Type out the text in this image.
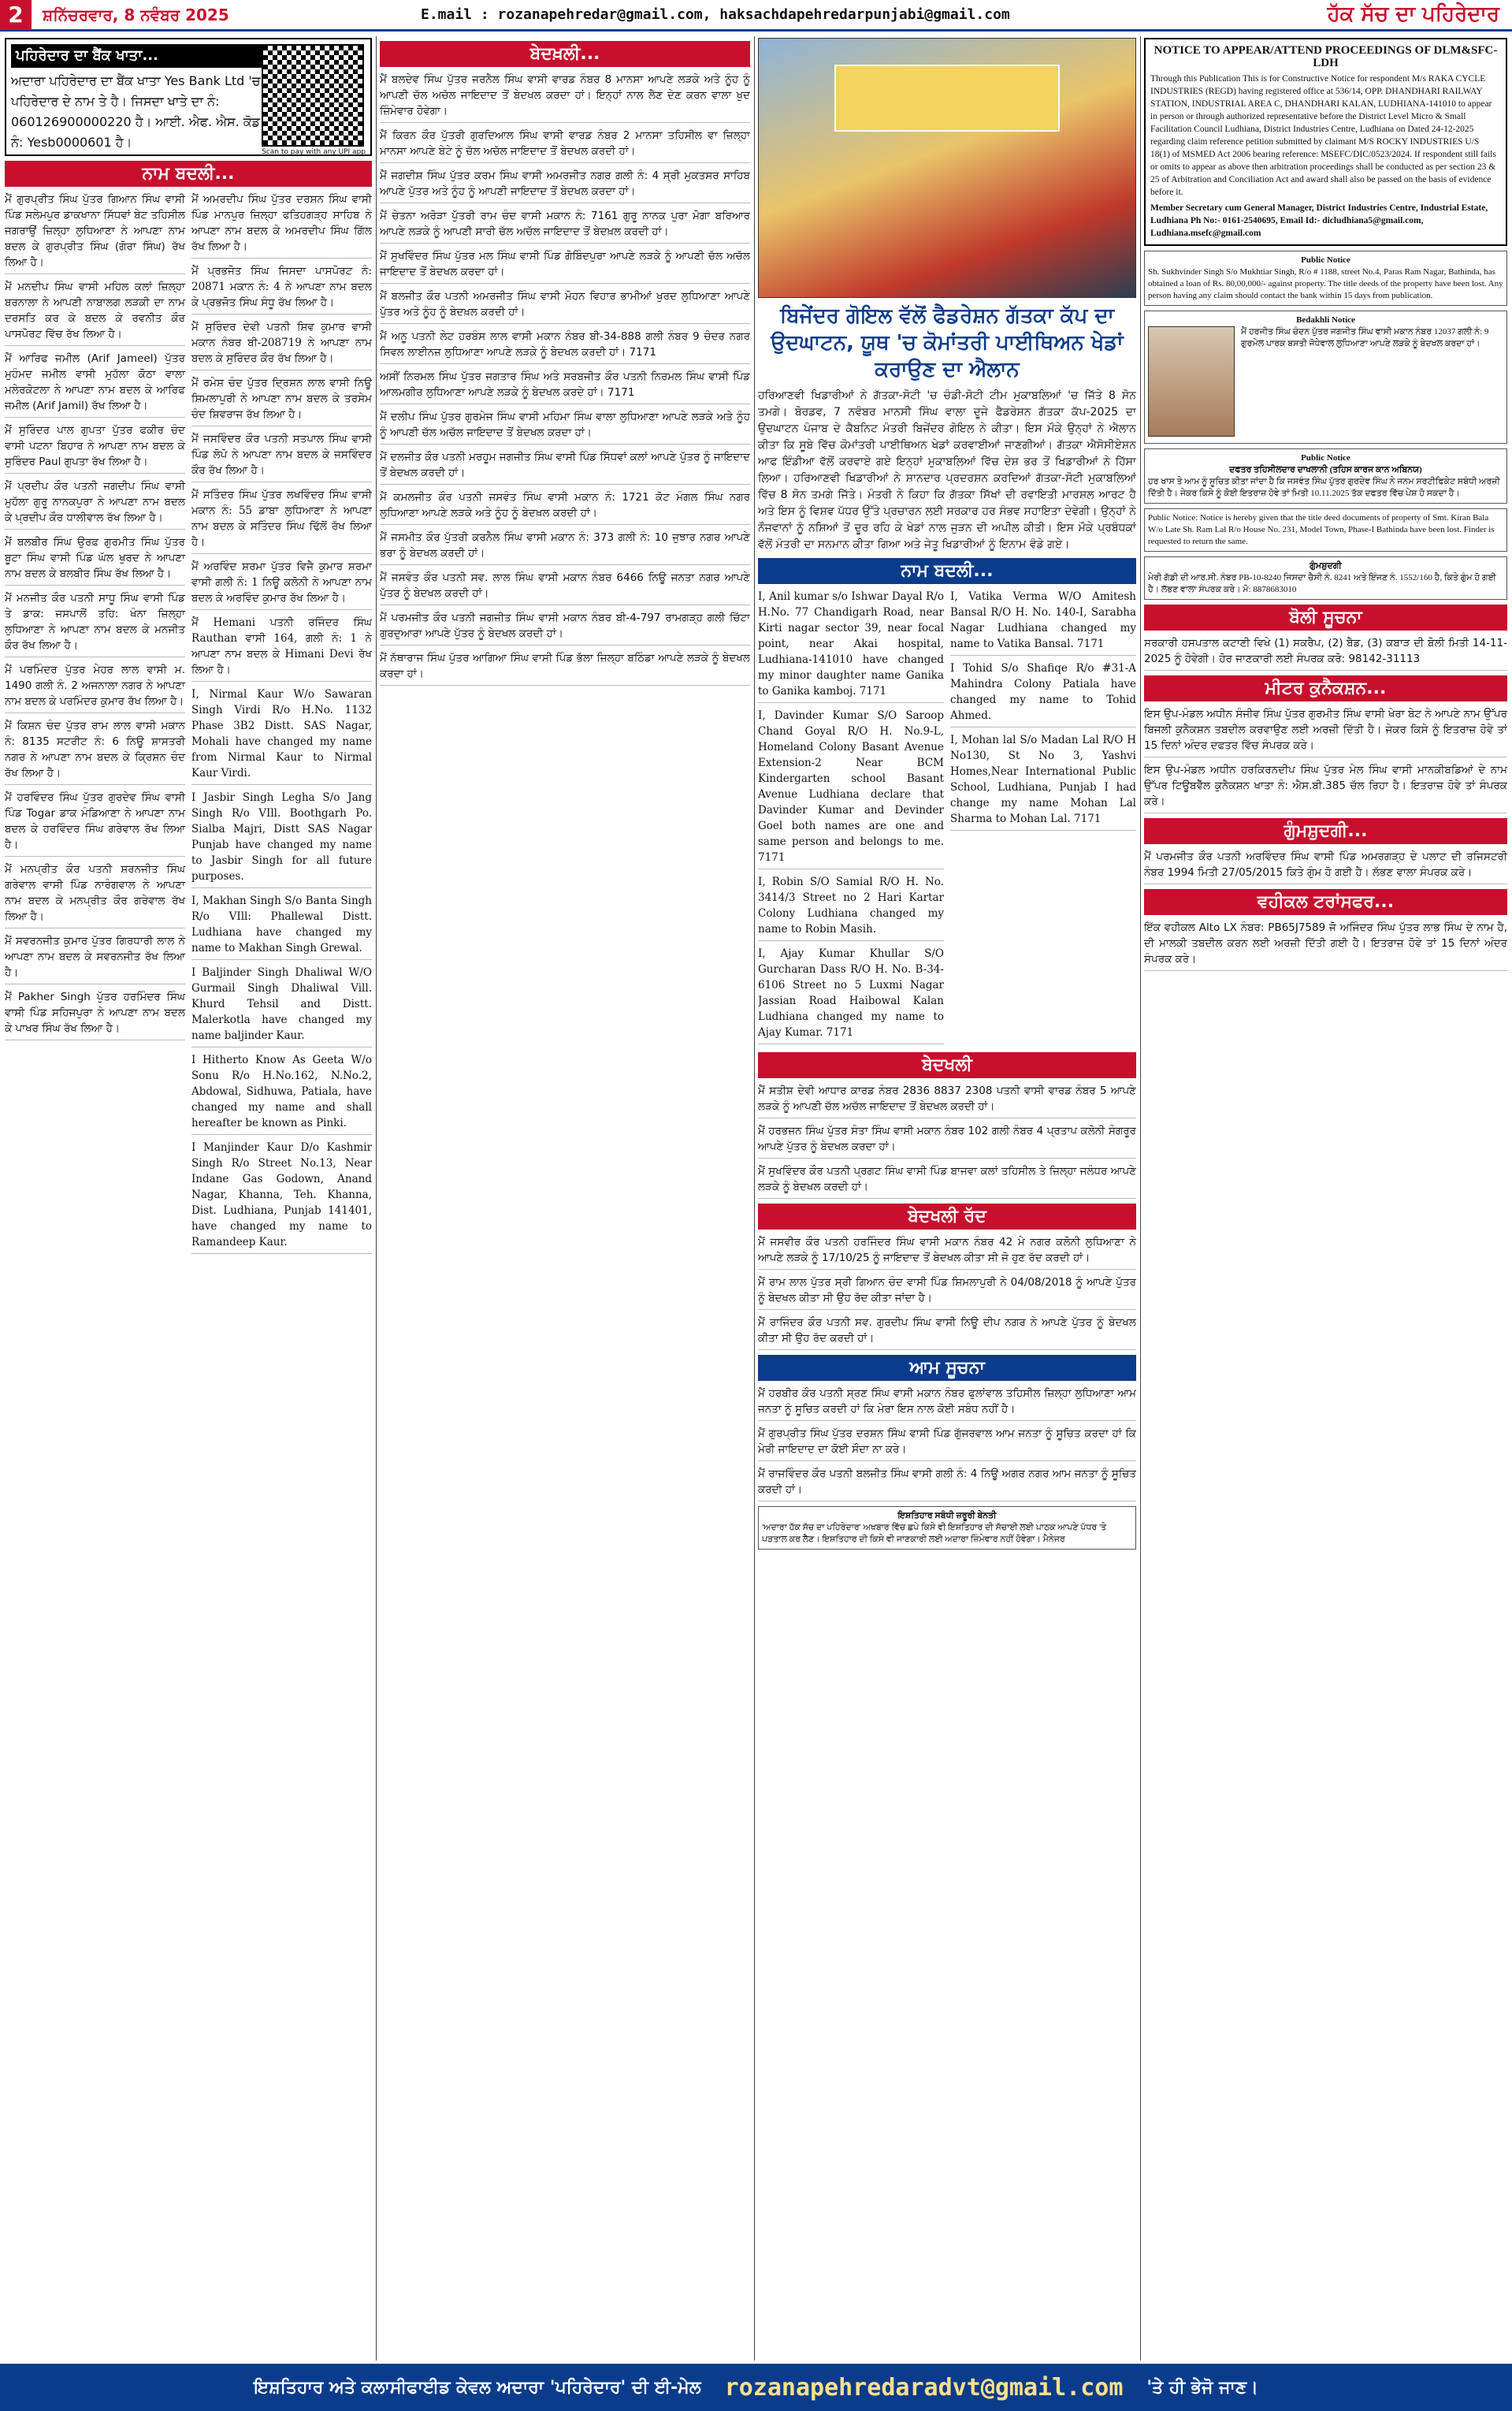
2	ਸ਼ਨਿੱਚਰਵਾਰ, 8 ਨਵੰਬਰ 2025	E.mail : rozanapehredar@gmail.com, haksachdapehredarpunjabi@gmail.com	ਹੱਕ ਸੱਚ ਦਾ ਪਹਿਰੇਦਾਰ
ਪਹਿਰੇਦਾਰ ਦਾ ਬੈਂਕ ਖਾਤਾ...
ਅਦਾਰਾ ਪਹਿਰੇਦਾਰ ਦਾ ਬੈਂਕ ਖਾਤਾ Yes Bank Ltd 'ਚ ਪਹਿਰੇਦਾਰ ਦੇ ਨਾਮ ਤੇ ਹੈ। ਜਿਸਦਾ ਖਾਤੇ ਦਾ ਨੰ: 060126900000220 ਹੈ। ਆਈ. ਐਫ. ਐਸ. ਕੋਡ ਨੰ: Yesb0000601 ਹੈ।
Scan to pay with any UPI app
ਨਾਮ ਬਦਲੀ...
ਮੈਂ ਗੁਰਪ੍ਰੀਤ ਸਿੰਘ ਪੁੱਤਰ ਗਿਆਨ ਸਿੰਘ ਵਾਸੀ ਪਿੰਡ ਸਲੇਮਪੁਰ ਡਾਕਖਾਨਾ ਸਿੱਧਵਾਂ ਬੇਟ ਤਹਿਸੀਲ ਜਗਰਾਉਂ ਜ਼ਿਲ੍ਹਾ ਲੁਧਿਆਣਾ ਨੇ ਆਪਣਾ ਨਾਮ ਬਦਲ ਕੇ ਗੁਰਪ੍ਰੀਤ ਸਿੰਘ (ਗੋਰਾ ਸਿੰਘ) ਰੱਖ ਲਿਆ ਹੈ।
ਮੈਂ ਮਨਦੀਪ ਸਿੰਘ ਵਾਸੀ ਮਹਿਲ ਕਲਾਂ ਜ਼ਿਲ੍ਹਾ ਬਰਨਾਲਾ ਨੇ ਆਪਣੀ ਨਾਬਾਲਗ ਲੜਕੀ ਦਾ ਨਾਮ ਦਰਸਤਿ ਕਰ ਕੇ ਬਦਲ ਕੇ ਰਵਨੀਤ ਕੌਰ ਪਾਸਪੋਰਟ ਵਿੱਚ ਰੱਖ ਲਿਆ ਹੈ।
ਮੈਂ ਆਰਿਫ ਜਮੀਲ (Arif Jameel) ਪੁੱਤਰ ਮੁਹੰਮਦ ਜਮੀਲ ਵਾਸੀ ਮੁਹੱਲਾ ਕੋਠਾ ਵਾਲਾ ਮਲੇਰਕੋਟਲਾ ਨੇ ਆਪਣਾ ਨਾਮ ਬਦਲ ਕੇ ਆਰਿਫ ਜਮੀਲ (Arif Jamil) ਰੱਖ ਲਿਆ ਹੈ।
ਮੈਂ ਸੁਰਿੰਦਰ ਪਾਲ ਗੁਪਤਾ ਪੁੱਤਰ ਫਕੀਰ ਚੰਦ ਵਾਸੀ ਪਟਨਾ ਬਿਹਾਰ ਨੇ ਆਪਣਾ ਨਾਮ ਬਦਲ ਕੇ ਸੁਰਿੰਦਰ Paul ਗੁਪਤਾ ਰੱਖ ਲਿਆ ਹੈ।
ਮੈਂ ਪ੍ਰਦੀਪ ਕੌਰ ਪਤਨੀ ਜਗਦੀਪ ਸਿੰਘ ਵਾਸੀ ਮੁਹੱਲਾ ਗੁਰੂ ਨਾਨਕਪੁਰਾ ਨੇ ਆਪਣਾ ਨਾਮ ਬਦਲ ਕੇ ਪ੍ਰਦੀਪ ਕੌਰ ਧਾਲੀਵਾਲ ਰੱਖ ਲਿਆ ਹੈ।
ਮੈਂ ਬਲਬੀਰ ਸਿੰਘ ਉਰਫ਼ ਗੁਰਮੀਤ ਸਿੰਘ ਪੁੱਤਰ ਬੂਟਾ ਸਿੰਘ ਵਾਸੀ ਪਿੰਡ ਘੱਲ ਖੁਰਦ ਨੇ ਆਪਣਾ ਨਾਮ ਬਦਲ ਕੇ ਬਲਬੀਰ ਸਿੰਘ ਰੱਖ ਲਿਆ ਹੈ।
ਮੈਂ ਮਨਜੀਤ ਕੌਰ ਪਤਨੀ ਸਾਧੂ ਸਿੰਘ ਵਾਸੀ ਪਿੰਡ ਤੇ ਡਾਕ: ਜਸਪਾਲੋਂ ਤਹਿ: ਖੰਨਾ ਜ਼ਿਲ੍ਹਾ ਲੁਧਿਆਣਾ ਨੇ ਆਪਣਾ ਨਾਮ ਬਦਲ ਕੇ ਮਨਜੀਤ ਕੌਰ ਰੱਖ ਲਿਆ ਹੈ।
ਮੈਂ ਪਰਮਿੰਦਰ ਪੁੱਤਰ ਮੇਹਰ ਲਾਲ ਵਾਸੀ ਮ. 1490 ਗਲੀ ਨੰ. 2 ਅਜਨਾਲਾ ਨਗਰ ਨੇ ਆਪਣਾ ਨਾਮ ਬਦਲ ਕੇ ਪਰਮਿੰਦਰ ਕੁਮਾਰ ਰੱਖ ਲਿਆ ਹੈ।
ਮੈਂ ਕਿਸ਼ਨ ਚੰਦ ਪੁੱਤਰ ਰਾਮ ਲਾਲ ਵਾਸੀ ਮਕਾਨ ਨੰ: 8135 ਸਟਰੀਟ ਨੰ: 6 ਨਿਊ ਸ਼ਾਸਤਰੀ ਨਗਰ ਨੇ ਆਪਣਾ ਨਾਮ ਬਦਲ ਕੇ ਕ੍ਰਿਸ਼ਨ ਚੰਦ ਰੱਖ ਲਿਆ ਹੈ।
ਮੈਂ ਹਰਵਿੰਦਰ ਸਿੰਘ ਪੁੱਤਰ ਗੁਰਦੇਵ ਸਿੰਘ ਵਾਸੀ ਪਿੰਡ Togar ਡਾਕ ਮੰਡਿਆਣਾ ਨੇ ਆਪਣਾ ਨਾਮ ਬਦਲ ਕੇ ਹਰਵਿੰਦਰ ਸਿੰਘ ਗਰੇਵਾਲ ਰੱਖ ਲਿਆ ਹੈ।
ਮੈਂ ਮਨਪ੍ਰੀਤ ਕੌਰ ਪਤਨੀ ਸ਼ਰਨਜੀਤ ਸਿੰਘ ਗਰੇਵਾਲ ਵਾਸੀ ਪਿੰਡ ਨਾਰੰਗਵਾਲ ਨੇ ਆਪਣਾ ਨਾਮ ਬਦਲ ਕੇ ਮਨਪ੍ਰੀਤ ਕੌਰ ਗਰੇਵਾਲ ਰੱਖ ਲਿਆ ਹੈ।
ਮੈਂ ਸਵਰਨਜੀਤ ਕੁਮਾਰ ਪੁੱਤਰ ਗਿਰਧਾਰੀ ਲਾਲ ਨੇ ਆਪਣਾ ਨਾਮ ਬਦਲ ਕੇ ਸਵਰਨਜੀਤ ਰੱਖ ਲਿਆ ਹੈ।
ਮੈਂ Pakher Singh ਪੁੱਤਰ ਹਰਮਿੰਦਰ ਸਿੰਘ ਵਾਸੀ ਪਿੰਡ ਸਹਿਜਪੁਰਾ ਨੇ ਆਪਣਾ ਨਾਮ ਬਦਲ ਕੇ ਪਾਖਰ ਸਿੰਘ ਰੱਖ ਲਿਆ ਹੈ।
ਮੈਂ ਅਮਰਦੀਪ ਸਿੰਘ ਪੁੱਤਰ ਦਰਸ਼ਨ ਸਿੰਘ ਵਾਸੀ ਪਿੰਡ ਮਾਨਪੁਰ ਜ਼ਿਲ੍ਹਾ ਫਤਿਹਗੜ੍ਹ ਸਾਹਿਬ ਨੇ ਆਪਣਾ ਨਾਮ ਬਦਲ ਕੇ ਅਮਰਦੀਪ ਸਿੰਘ ਗਿੱਲ ਰੱਖ ਲਿਆ ਹੈ।
ਮੈਂ ਪ੍ਰਭਜੋਤ ਸਿੰਘ ਜਿਸਦਾ ਪਾਸਪੋਰਟ ਨੰ: 20871 ਮਕਾਨ ਨੰ: 4 ਨੇ ਆਪਣਾ ਨਾਮ ਬਦਲ ਕੇ ਪ੍ਰਭਜੋਤ ਸਿੰਘ ਸੰਧੂ ਰੱਖ ਲਿਆ ਹੈ।
ਮੈਂ ਸੁਰਿੰਦਰ ਦੇਵੀ ਪਤਨੀ ਸ਼ਿਵ ਕੁਮਾਰ ਵਾਸੀ ਮਕਾਨ ਨੰਬਰ ਬੀ-208719 ਨੇ ਆਪਣਾ ਨਾਮ ਬਦਲ ਕੇ ਸੁਰਿੰਦਰ ਕੌਰ ਰੱਖ ਲਿਆ ਹੈ।
ਮੈਂ ਰਮੇਸ਼ ਚੰਦ ਪੁੱਤਰ ਦ੍ਰਿਸ਼ਨ ਲਾਲ ਵਾਸੀ ਨਿਊ ਸ਼ਿਮਲਾਪੁਰੀ ਨੇ ਆਪਣਾ ਨਾਮ ਬਦਲ ਕੇ ਤਰਸੇਮ ਚੰਦ ਸ਼ਿਵਰਾਜ ਰੱਖ ਲਿਆ ਹੈ।
ਮੈਂ ਜਸਵਿੰਦਰ ਕੌਰ ਪਤਨੀ ਸਤਪਾਲ ਸਿੰਘ ਵਾਸੀ ਪਿੰਡ ਲੋਪੋ ਨੇ ਆਪਣਾ ਨਾਮ ਬਦਲ ਕੇ ਜਸਵਿੰਦਰ ਕੌਰ ਰੱਖ ਲਿਆ ਹੈ।
ਮੈਂ ਸਤਿੰਦਰ ਸਿੰਘ ਪੁੱਤਰ ਲਖਵਿੰਦਰ ਸਿੰਘ ਵਾਸੀ ਮਕਾਨ ਨੰ: 55 ਡਾਬਾ ਲੁਧਿਆਣਾ ਨੇ ਆਪਣਾ ਨਾਮ ਬਦਲ ਕੇ ਸਤਿੰਦਰ ਸਿੰਘ ਢਿੱਲੋਂ ਰੱਖ ਲਿਆ ਹੈ।
ਮੈਂ ਅਰਵਿੰਦ ਸ਼ਰਮਾ ਪੁੱਤਰ ਵਿਜੈ ਕੁਮਾਰ ਸ਼ਰਮਾ ਵਾਸੀ ਗਲੀ ਨੰ: 1 ਨਿਊ ਕਲੋਨੀ ਨੇ ਆਪਣਾ ਨਾਮ ਬਦਲ ਕੇ ਅਰਵਿੰਦ ਕੁਮਾਰ ਰੱਖ ਲਿਆ ਹੈ।
ਮੈਂ Hemani ਪਤਨੀ ਰਜਿੰਦਰ ਸਿੰਘ Rauthan ਵਾਸੀ 164, ਗਲੀ ਨੰ: 1 ਨੇ ਆਪਣਾ ਨਾਮ ਬਦਲ ਕੇ Himani Devi ਰੱਖ ਲਿਆ ਹੈ।
I, Nirmal Kaur W/o Sawaran Singh Virdi R/o H.No. 1132 Phase 3B2 Distt. SAS Nagar, Mohali have changed my name from Nirmal Kaur to Nirmal Kaur Virdi.
I Jasbir Singh Legha S/o Jang Singh R/o VIll. Boothgarh Po. Sialba Majri, Distt SAS Nagar Punjab have changed my name to Jasbir Singh for all future purposes.
I, Makhan Singh S/o Banta Singh R/o VIll: Phallewal Distt. Ludhiana have changed my name to Makhan Singh Grewal.
I Baljinder Singh Dhaliwal W/O Gurmail Singh Dhaliwal Vill. Khurd Tehsil and Distt. Malerkotla have changed my name baljinder Kaur.
I Hitherto Know As Geeta W/o Sonu R/o H.No.162, N.No.2, Abdowal, Sidhuwa, Patiala, have changed my name and shall hereafter be known as Pinki.
I Manjinder Kaur D/o Kashmir Singh R/o Street No.13, Near Indane Gas Godown, Anand Nagar, Khanna, Teh. Khanna, Dist. Ludhiana, Punjab 141401, have changed my name to Ramandeep Kaur.
ਬੇਦਖ਼ਲੀ...
ਮੈਂ ਬਲਦੇਵ ਸਿੰਘ ਪੁੱਤਰ ਜਰਨੈਲ ਸਿੰਘ ਵਾਸੀ ਵਾਰਡ ਨੰਬਰ 8 ਮਾਨਸਾ ਆਪਣੇ ਲੜਕੇ ਅਤੇ ਨੂੰਹ ਨੂੰ ਆਪਣੀ ਚੱਲ ਅਚੱਲ ਜਾਇਦਾਦ ਤੋਂ ਬੇਦਖਲ ਕਰਦਾ ਹਾਂ। ਇਨ੍ਹਾਂ ਨਾਲ ਲੈਣ ਦੇਣ ਕਰਨ ਵਾਲਾ ਖੁਦ ਜ਼ਿੰਮੇਵਾਰ ਹੋਵੇਗਾ।
ਮੈਂ ਕਿਰਨ ਕੌਰ ਪੁੱਤਰੀ ਗੁਰਦਿਆਲ ਸਿੰਘ ਵਾਸੀ ਵਾਰਡ ਨੰਬਰ 2 ਮਾਨਸਾ ਤਹਿਸੀਲ ਵਾ ਜ਼ਿਲ੍ਹਾ ਮਾਨਸਾ ਆਪਣੇ ਬੇਟੇ ਨੂੰ ਚੱਲ ਅਚੱਲ ਜਾਇਦਾਦ ਤੋਂ ਬੇਦਖਲ ਕਰਦੀ ਹਾਂ।
ਮੈਂ ਜਗਦੀਸ਼ ਸਿੰਘ ਪੁੱਤਰ ਕਰਮ ਸਿੰਘ ਵਾਸੀ ਅਮਰਜੀਤ ਨਗਰ ਗਲੀ ਨੰ: 4 ਸ੍ਰੀ ਮੁਕਤਸਰ ਸਾਹਿਬ ਆਪਣੇ ਪੁੱਤਰ ਅਤੇ ਨੂੰਹ ਨੂੰ ਆਪਣੀ ਜਾਇਦਾਦ ਤੋਂ ਬੇਦਖਲ ਕਰਦਾ ਹਾਂ।
ਮੈਂ ਚੇਤਨਾ ਅਰੋੜਾ ਪੁੱਤਰੀ ਰਾਮ ਚੰਦ ਵਾਸੀ ਮਕਾਨ ਨੰ: 7161 ਗੁਰੂ ਨਾਨਕ ਪੁਰਾ ਮੋਗਾ ਬਰਿਆਰ ਆਪਣੇ ਲੜਕੇ ਨੂੰ ਆਪਣੀ ਸਾਰੀ ਚੱਲ ਅਚੱਲ ਜਾਇਦਾਦ ਤੋਂ ਬੇਦਖ਼ਲ ਕਰਦੀ ਹਾਂ।
ਮੈਂ ਸੁਖਵਿੰਦਰ ਸਿੰਘ ਪੁੱਤਰ ਮਲ ਸਿੰਘ ਵਾਸੀ ਪਿੰਡ ਗੋਬਿੰਦਪੁਰਾ ਆਪਣੇ ਲੜਕੇ ਨੂੰ ਆਪਣੀ ਚੱਲ ਅਚੱਲ ਜਾਇਦਾਦ ਤੋਂ ਬੇਦਖਲ ਕਰਦਾ ਹਾਂ।
ਮੈਂ ਬਲਜੀਤ ਕੌਰ ਪਤਨੀ ਅਮਰਜੀਤ ਸਿੰਘ ਵਾਸੀ ਮੋਹਨ ਵਿਹਾਰ ਭਾਮੀਆਂ ਖੁਰਦ ਲੁਧਿਆਣਾ ਆਪਣੇ ਪੁੱਤਰ ਅਤੇ ਨੂੰਹ ਨੂੰ ਬੇਦਖ਼ਲ ਕਰਦੀ ਹਾਂ।
ਮੈਂ ਅਨੂ ਪਤਨੀ ਲੇਟ ਹਰਬੰਸ ਲਾਲ ਵਾਸੀ ਮਕਾਨ ਨੰਬਰ ਬੀ-34-888 ਗਲੀ ਨੰਬਰ 9 ਚੰਦਰ ਨਗਰ ਸਿਵਲ ਲਾਈਨਜ਼ ਲੁਧਿਆਣਾ ਆਪਣੇ ਲੜਕੇ ਨੂੰ ਬੇਦਖਲ ਕਰਦੀ ਹਾਂ। 7171
ਅਸੀਂ ਨਿਰਮਲ ਸਿੰਘ ਪੁੱਤਰ ਜਗਤਾਰ ਸਿੰਘ ਅਤੇ ਸਰਬਜੀਤ ਕੌਰ ਪਤਨੀ ਨਿਰਮਲ ਸਿੰਘ ਵਾਸੀ ਪਿੰਡ ਆਲਮਗੀਰ ਲੁਧਿਆਣਾ ਆਪਣੇ ਲੜਕੇ ਨੂੰ ਬੇਦਖਲ ਕਰਦੇ ਹਾਂ। 7171
ਮੈਂ ਦਲੀਪ ਸਿੰਘ ਪੁੱਤਰ ਗੁਰਮੇਜ ਸਿੰਘ ਵਾਸੀ ਮਹਿਮਾ ਸਿੰਘ ਵਾਲਾ ਲੁਧਿਆਣਾ ਆਪਣੇ ਲੜਕੇ ਅਤੇ ਨੂੰਹ ਨੂੰ ਆਪਣੀ ਚੱਲ ਅਚੱਲ ਜਾਇਦਾਦ ਤੋਂ ਬੇਦਖਲ ਕਰਦਾ ਹਾਂ।
ਮੈਂ ਦਲਜੀਤ ਕੌਰ ਪਤਨੀ ਮਰਹੂਮ ਜਗਜੀਤ ਸਿੰਘ ਵਾਸੀ ਪਿੰਡ ਸਿੱਧਵਾਂ ਕਲਾਂ ਆਪਣੇ ਪੁੱਤਰ ਨੂੰ ਜਾਇਦਾਦ ਤੋਂ ਬੇਦਖਲ ਕਰਦੀ ਹਾਂ।
ਮੈਂ ਕਮਲਜੀਤ ਕੌਰ ਪਤਨੀ ਜਸਵੰਤ ਸਿੰਘ ਵਾਸੀ ਮਕਾਨ ਨੰ: 1721 ਕੋਟ ਮੰਗਲ ਸਿੰਘ ਨਗਰ ਲੁਧਿਆਣਾ ਆਪਣੇ ਲੜਕੇ ਅਤੇ ਨੂੰਹ ਨੂੰ ਬੇਦਖ਼ਲ ਕਰਦੀ ਹਾਂ।
ਮੈਂ ਜਸਮੀਤ ਕੌਰ ਪੁੱਤਰੀ ਕਰਨੈਲ ਸਿੰਘ ਵਾਸੀ ਮਕਾਨ ਨੰ: 373 ਗਲੀ ਨੰ: 10 ਜੁਝਾਰ ਨਗਰ ਆਪਣੇ ਭਰਾ ਨੂੰ ਬੇਦਖਲ ਕਰਦੀ ਹਾਂ।
ਮੈਂ ਜਸਵੰਤ ਕੌਰ ਪਤਨੀ ਸਵ. ਲਾਲ ਸਿੰਘ ਵਾਸੀ ਮਕਾਨ ਨੰਬਰ 6466 ਨਿਊ ਜਨਤਾ ਨਗਰ ਆਪਣੇ ਪੁੱਤਰ ਨੂੰ ਬੇਦਖਲ ਕਰਦੀ ਹਾਂ।
ਮੈਂ ਪਰਮਜੀਤ ਕੌਰ ਪਤਨੀ ਜਗਜੀਤ ਸਿੰਘ ਵਾਸੀ ਮਕਾਨ ਨੰਬਰ ਬੀ-4-797 ਰਾਮਗੜ੍ਹ ਗਲੀ ਚਿੱਟਾ ਗੁਰਦੁਆਰਾ ਆਪਣੇ ਪੁੱਤਰ ਨੂੰ ਬੇਦਖਲ ਕਰਦੀ ਹਾਂ।
ਮੈਂ ਨੱਥਾਰਾਜ ਸਿੰਘ ਪੁੱਤਰ ਆਗਿਆ ਸਿੰਘ ਵਾਸੀ ਪਿੰਡ ਭੱਲਾ ਜ਼ਿਲ੍ਹਾ ਬਠਿੰਡਾ ਆਪਣੇ ਲੜਕੇ ਨੂੰ ਬੇਦਖਲ ਕਰਦਾ ਹਾਂ।
ਬਿਜੇਂਦਰ ਗੋਇਲ ਵੱਲੋਂ ਫੈਡਰੇਸ਼ਨ ਗੱਤਕਾ ਕੱਪ ਦਾ ਉਦਘਾਟਨ, ਯੂਥ 'ਚ ਕੋਮਾਂਤਰੀ ਪਾਈਥਿਅਨ ਖੇਡਾਂ ਕਰਾਉਣ ਦਾ ਐਲਾਨ
ਹਰਿਆਣਵੀ ਖਿਡਾਰੀਆਂ ਨੇ ਗੱਤਕਾ-ਸੋਟੀ 'ਚ ਚੰਡੀ-ਸੋਟੀ ਟੀਮ ਮੁਕਾਬਲਿਆਂ 'ਚ ਜਿੱਤੇ 8 ਸੋਨ ਤਮਗੇ। ਬੋਰਡਵ, 7 ਨਵੰਬਰ ਮਾਨਸੀ ਸਿੰਘ ਵਾਲਾ ਦੂਜੇ ਫੈਡਰੇਸ਼ਨ ਗੱਤਕਾ ਕੱਪ-2025 ਦਾ ਉਦਘਾਟਨ ਪੰਜਾਬ ਦੇ ਕੈਬਨਿਟ ਮੰਤਰੀ ਬਿਜੇਂਦਰ ਗੋਇਲ ਨੇ ਕੀਤਾ। ਇਸ ਮੌਕੇ ਉਨ੍ਹਾਂ ਨੇ ਐਲਾਨ ਕੀਤਾ ਕਿ ਸੂਬੇ ਵਿੱਚ ਕੋਮਾਂਤਰੀ ਪਾਈਥਿਅਨ ਖੇਡਾਂ ਕਰਵਾਈਆਂ ਜਾਣਗੀਆਂ। ਗੱਤਕਾ ਐਸੋਸੀਏਸ਼ਨ ਆਫ ਇੰਡੀਆ ਵੱਲੋਂ ਕਰਵਾਏ ਗਏ ਇਨ੍ਹਾਂ ਮੁਕਾਬਲਿਆਂ ਵਿੱਚ ਦੇਸ਼ ਭਰ ਤੋਂ ਖਿਡਾਰੀਆਂ ਨੇ ਹਿੱਸਾ ਲਿਆ। ਹਰਿਆਣਵੀ ਖਿਡਾਰੀਆਂ ਨੇ ਸ਼ਾਨਦਾਰ ਪ੍ਰਦਰਸ਼ਨ ਕਰਦਿਆਂ ਗੱਤਕਾ-ਸੋਟੀ ਮੁਕਾਬਲਿਆਂ ਵਿੱਚ 8 ਸੋਨ ਤਮਗੇ ਜਿੱਤੇ। ਮੰਤਰੀ ਨੇ ਕਿਹਾ ਕਿ ਗੱਤਕਾ ਸਿੱਖਾਂ ਦੀ ਰਵਾਇਤੀ ਮਾਰਸ਼ਲ ਆਰਟ ਹੈ ਅਤੇ ਇਸ ਨੂੰ ਵਿਸ਼ਵ ਪੱਧਰ ਉੱਤੇ ਪ੍ਰਚਾਰਨ ਲਈ ਸਰਕਾਰ ਹਰ ਸੰਭਵ ਸਹਾਇਤਾ ਦੇਵੇਗੀ। ਉਨ੍ਹਾਂ ਨੇ ਨੌਜਵਾਨਾਂ ਨੂੰ ਨਸ਼ਿਆਂ ਤੋਂ ਦੂਰ ਰਹਿ ਕੇ ਖੇਡਾਂ ਨਾਲ ਜੁੜਨ ਦੀ ਅਪੀਲ ਕੀਤੀ। ਇਸ ਮੌਕੇ ਪ੍ਰਬੰਧਕਾਂ ਵੱਲੋਂ ਮੰਤਰੀ ਦਾ ਸਨਮਾਨ ਕੀਤਾ ਗਿਆ ਅਤੇ ਜੇਤੂ ਖਿਡਾਰੀਆਂ ਨੂੰ ਇਨਾਮ ਵੰਡੇ ਗਏ।
ਨਾਮ ਬਦਲੀ...
I, Anil kumar s/o Ishwar Dayal R/o H.No. 77 Chandigarh Road, near Kirti nagar sector 39, near focal point, near Akai hospital, Ludhiana-141010 have changed my minor daughter name Ganika to Ganika kamboj. 7171
I, Davinder Kumar S/O Saroop Chand Goyal R/O H. No.9-L, Homeland Colony Basant Avenue Extension-2 Near BCM Kindergarten school Basant Avenue Ludhiana declare that Davinder Kumar and Devinder Goel both names are one and same person and belongs to me. 7171
I, Robin S/O Samial R/O H. No. 3414/3 Street no 2 Hari Kartar Colony Ludhiana changed my name to Robin Masih.
I, Ajay Kumar Khullar S/O Gurcharan Dass R/O H. No. B-34-6106 Street no 5 Luxmi Nagar Jassian Road Haibowal Kalan Ludhiana changed my name to Ajay Kumar. 7171
I, Vatika Verma W/O Amitesh Bansal R/O H. No. 140-I, Sarabha Nagar Ludhiana changed my name to Vatika Bansal. 7171
I Tohid S/o Shafiqe R/o #31-A Mahindra Colony Patiala have changed my name to Tohid Ahmed.
I, Mohan lal S/o Madan Lal R/O H No130, St No 3, Yashvi Homes,Near International Public School, Ludhiana, Punjab I had change my name Mohan Lal Sharma to Mohan Lal. 7171
ਬੇਦਖਲੀ
ਮੈਂ ਸਤੀਸ਼ ਦੇਵੀ ਆਧਾਰ ਕਾਰਡ ਨੰਬਰ 2836 8837 2308 ਪਤਨੀ ਵਾਸੀ ਵਾਰਡ ਨੰਬਰ 5 ਆਪਣੇ ਲੜਕੇ ਨੂੰ ਆਪਣੀ ਚੱਲ ਅਚੱਲ ਜਾਇਦਾਦ ਤੋਂ ਬੇਦਖਲ ਕਰਦੀ ਹਾਂ।
ਮੈਂ ਹਰਭਜਨ ਸਿੰਘ ਪੁੱਤਰ ਸੰਤਾ ਸਿੰਘ ਵਾਸੀ ਮਕਾਨ ਨੰਬਰ 102 ਗਲੀ ਨੰਬਰ 4 ਪ੍ਰਤਾਪ ਕਲੋਨੀ ਸੰਗਰੂਰ ਆਪਣੇ ਪੁੱਤਰ ਨੂੰ ਬੇਦਖਲ ਕਰਦਾ ਹਾਂ।
ਮੈਂ ਸੁਖਵਿੰਦਰ ਕੌਰ ਪਤਨੀ ਪ੍ਰਗਟ ਸਿੰਘ ਵਾਸੀ ਪਿੰਡ ਬਾਜਵਾ ਕਲਾਂ ਤਹਿਸੀਲ ਤੇ ਜ਼ਿਲ੍ਹਾ ਜਲੰਧਰ ਆਪਣੇ ਲੜਕੇ ਨੂੰ ਬੇਦਖਲ ਕਰਦੀ ਹਾਂ।
ਬੇਦਖਲੀ ਰੱਦ
ਮੈਂ ਜਸਵੀਰ ਕੌਰ ਪਤਨੀ ਹਰਜਿੰਦਰ ਸਿੰਘ ਵਾਸੀ ਮਕਾਨ ਨੰਬਰ 42 ਮੇ ਨਗਰ ਕਲੋਨੀ ਲੁਧਿਆਣਾ ਨੇ ਆਪਣੇ ਲੜਕੇ ਨੂੰ 17/10/25 ਨੂੰ ਜਾਇਦਾਦ ਤੋਂ ਬੇਦਖਲ ਕੀਤਾ ਸੀ ਜੋ ਹੁਣ ਰੱਦ ਕਰਦੀ ਹਾਂ।
ਮੈਂ ਰਾਮ ਲਾਲ ਪੁੱਤਰ ਸ੍ਰੀ ਗਿਆਨ ਚੰਦ ਵਾਸੀ ਪਿੰਡ ਸ਼ਿਮਲਾਪੁਰੀ ਨੇ 04/08/2018 ਨੂੰ ਆਪਣੇ ਪੁੱਤਰ ਨੂੰ ਬੇਦਖਲ ਕੀਤਾ ਸੀ ਉਹ ਰੱਦ ਕੀਤਾ ਜਾਂਦਾ ਹੈ।
ਮੈਂ ਰਾਜਿੰਦਰ ਕੌਰ ਪਤਨੀ ਸਵ. ਗੁਰਦੀਪ ਸਿੰਘ ਵਾਸੀ ਨਿਊ ਦੀਪ ਨਗਰ ਨੇ ਆਪਣੇ ਪੁੱਤਰ ਨੂੰ ਬੇਦਖਲ ਕੀਤਾ ਸੀ ਉਹ ਰੱਦ ਕਰਦੀ ਹਾਂ।
ਆਮ ਸੂਚਨਾ
ਮੈਂ ਹਰਬੀਰ ਕੌਰ ਪਤਨੀ ਸ੍ਰਣ ਸਿੰਘ ਵਾਸੀ ਮਕਾਨ ਨੰਬਰ ਫੁਲਾਂਵਾਲ ਤਹਿਸੀਲ ਜ਼ਿਲ੍ਹਾ ਲੁਧਿਆਣਾ ਆਮ ਜਨਤਾ ਨੂੰ ਸੂਚਿਤ ਕਰਦੀ ਹਾਂ ਕਿ ਮੇਰਾ ਇਸ ਨਾਲ ਕੋਈ ਸਬੰਧ ਨਹੀਂ ਹੈ।
ਮੈਂ ਗੁਰਪ੍ਰੀਤ ਸਿੰਘ ਪੁੱਤਰ ਦਰਸ਼ਨ ਸਿੰਘ ਵਾਸੀ ਪਿੰਡ ਗੁੱਜਰਵਾਲ ਆਮ ਜਨਤਾ ਨੂੰ ਸੂਚਿਤ ਕਰਦਾ ਹਾਂ ਕਿ ਮੇਰੀ ਜਾਇਦਾਦ ਦਾ ਕੋਈ ਸੌਦਾ ਨਾ ਕਰੇ।
ਮੈਂ ਰਾਜਵਿੰਦਰ ਕੌਰ ਪਤਨੀ ਬਲਜੀਤ ਸਿੰਘ ਵਾਸੀ ਗਲੀ ਨੰ: 4 ਨਿਊ ਅਗਰ ਨਗਰ ਆਮ ਜਨਤਾ ਨੂੰ ਸੂਚਿਤ ਕਰਦੀ ਹਾਂ।
ਇਸ਼ਤਿਹਾਰ ਸਬੰਧੀ ਜ਼ਰੂਰੀ ਬੇਨਤੀ
'ਅਦਾਰਾ ਹੱਕ ਸੱਚ ਦਾ ਪਹਿਰੇਦਾਰ' ਅਖਬਾਰ ਵਿੱਚ ਛਪੇ ਕਿਸੇ ਵੀ ਇਸ਼ਤਿਹਾਰ ਦੀ ਸੱਚਾਈ ਲਈ ਪਾਠਕ ਆਪਣੇ ਪੱਧਰ 'ਤੇ ਪੜਤਾਲ ਕਰ ਲੈਣ। ਇਸ਼ਤਿਹਾਰ ਦੀ ਕਿਸੇ ਵੀ ਜਾਣਕਾਰੀ ਲਈ ਅਦਾਰਾ ਜ਼ਿੰਮੇਵਾਰ ਨਹੀਂ ਹੋਵੇਗਾ। ਮੈਨੇਜਰ
NOTICE TO APPEAR/ATTEND PROCEEDINGS OF DLM&SFC-LDH
Through this Publication This is for Constructive Notice for respondent M/s RAKA CYCLE INDUSTRIES (REGD) having registered office at 536/14, OPP. DHANDHARI RAILWAY STATION, INDUSTRIAL AREA C, DHANDHARI KALAN, LUDHIANA-141010 to appear in person or through authorized representative before the District Level Micro & Small Facilitation Council Ludhiana, District Industries Centre, Ludhiana on Dated 24-12-2025 regarding claim reference petition submitted by claimant M/S ROCKY INDUSTRIES U/S 18(1) of MSMED Act 2006 bearing reference: MSEFC/DIC/0523/2024. If respondent still fails or omits to appear as above then arbitration proceedings shall be conducted as per section 23 & 25 of Arbitration and Conciliation Act and award shall also be passed on the basis of evidence before it.
Member Secretary cum General Manager, District Industries Centre, Industrial Estate, Ludhiana Ph No:- 0161-2540695, Email Id:- dicludhiana5@gmail.com, Ludhiana.msefc@gmail.com
Public Notice
Sh. Sukhvinder Singh S/o Mukhtiar Singh, R/o # 1188, street No.4, Paras Ram Nagar, Bathinda, has obtained a loan of Rs. 80,00,000/- against property. The title deeds of the property have been lost. Any person having any claim should contact the bank within 15 days from publication.
Bedakhli Notice
ਮੈਂ ਹਰਜੀਤ ਸਿੰਘ ਚੰਦਨ ਪੁੱਤਰ ਜਗਜੀਤ ਸਿੰਘ ਵਾਸੀ ਮਕਾਨ ਨੰਬਰ 12037 ਗਲੀ ਨੰ: 9 ਗੁਰਮੇਲ ਪਾਰਕ ਬਸਤੀ ਜੋਧੇਵਾਲ ਲੁਧਿਆਣਾ ਆਪਣੇ ਲੜਕੇ ਨੂੰ ਬੇਦਖਲ ਕਰਦਾ ਹਾਂ।
Public Notice
ਦਫਤਰ ਤਹਿਸੀਲਦਾਰ ਦਾਖਲਾਨੀ (ਤਹਿਸ ਕਾਰਜ ਕਾਨ ਅਬਿਨਯ)
ਹਰ ਖਾਸ ਤੇ ਆਮ ਨੂੰ ਸੂਚਿਤ ਕੀਤਾ ਜਾਂਦਾ ਹੈ ਕਿ ਜਸਵੰਤ ਸਿੰਘ ਪੁੱਤਰ ਗੁਰਦੇਵ ਸਿੰਘ ਨੇ ਜਨਮ ਸਰਟੀਫਿਕੇਟ ਸਬੰਧੀ ਅਰਜ਼ੀ ਦਿੱਤੀ ਹੈ। ਜੇਕਰ ਕਿਸੇ ਨੂੰ ਕੋਈ ਇਤਰਾਜ਼ ਹੋਵੇ ਤਾਂ ਮਿਤੀ 10.11.2025 ਤੱਕ ਦਫਤਰ ਵਿੱਚ ਪੇਸ਼ ਹੋ ਸਕਦਾ ਹੈ।
Public Notice: Notice is hereby given that the title deed documents of property of Smt. Kiran Bala W/o Late Sh. Ram Lal R/o House No. 231, Model Town, Phase-I Bathinda have been lost. Finder is requested to return the same.
ਗੁੰਮਸ਼ੁਦਗੀ
ਮੇਰੀ ਗੱਡੀ ਦੀ ਆਰ.ਸੀ. ਨੰਬਰ PB-10-8240 ਜਿਸਦਾ ਚੈਸੀ ਨੰ. 8241 ਅਤੇ ਇੰਜਣ ਨੰ. 1552/160 ਹੈ, ਕਿਤੇ ਗੁੰਮ ਹੋ ਗਈ ਹੈ। ਲੱਭਣ ਵਾਲਾ ਸੰਪਰਕ ਕਰੇ। ਮੋ: 8878683010
ਬੋਲੀ ਸੂਚਨਾ
ਸਰਕਾਰੀ ਹਸਪਤਾਲ ਕਟਾਣੀ ਵਿਖੇ (1) ਸਕਰੈਪ, (2) ਬੈਡ, (3) ਕਬਾੜ ਦੀ ਬੋਲੀ ਮਿਤੀ 14-11-2025 ਨੂੰ ਹੋਵੇਗੀ। ਹੋਰ ਜਾਣਕਾਰੀ ਲਈ ਸੰਪਰਕ ਕਰੋ: 98142-31113
ਮੀਟਰ ਕੁਨੈਕਸ਼ਨ...
ਇਸ ਉਪ-ਮੰਡਲ ਅਧੀਨ ਸੰਜੀਵ ਸਿੰਘ ਪੁੱਤਰ ਗੁਰਮੀਤ ਸਿੰਘ ਵਾਸੀ ਖੇਰਾ ਬੇਟ ਨੇ ਆਪਣੇ ਨਾਮ ਉੱਪਰ ਬਿਜਲੀ ਕੁਨੈਕਸ਼ਨ ਤਬਦੀਲ ਕਰਵਾਉਣ ਲਈ ਅਰਜ਼ੀ ਦਿੱਤੀ ਹੈ। ਜੇਕਰ ਕਿਸੇ ਨੂੰ ਇਤਰਾਜ਼ ਹੋਵੇ ਤਾਂ 15 ਦਿਨਾਂ ਅੰਦਰ ਦਫਤਰ ਵਿੱਚ ਸੰਪਰਕ ਕਰੇ।
ਇਸ ਉਪ-ਮੰਡਲ ਅਧੀਨ ਹਰਕਿਰਨਦੀਪ ਸਿੰਘ ਪੁੱਤਰ ਮੇਲ ਸਿੰਘ ਵਾਸੀ ਮਾਨਕੀਬਡਿਆਂ ਦੇ ਨਾਮ ਉੱਪਰ ਟਿਊਬਵੈੱਲ ਕੁਨੈਕਸ਼ਨ ਖਾਤਾ ਨੰ: ਐਸ.ਬੀ.385 ਚੱਲ ਰਿਹਾ ਹੈ। ਇਤਰਾਜ਼ ਹੋਵੇ ਤਾਂ ਸੰਪਰਕ ਕਰੇ।
ਗੁੰਮਸ਼ੁਦਗੀ...
ਮੈਂ ਪਰਮਜੀਤ ਕੌਰ ਪਤਨੀ ਅਰਵਿੰਦਰ ਸਿੰਘ ਵਾਸੀ ਪਿੰਡ ਅਮਰਗੜ੍ਹ ਦੇ ਪਲਾਟ ਦੀ ਰਜਿਸਟਰੀ ਨੰਬਰ 1994 ਮਿਤੀ 27/05/2015 ਕਿਤੇ ਗੁੰਮ ਹੋ ਗਈ ਹੈ। ਲੱਭਣ ਵਾਲਾ ਸੰਪਰਕ ਕਰੇ।
ਵਹੀਕਲ ਟਰਾਂਸਫਰ...
ਇੱਕ ਵਹੀਕਲ Alto LX ਨੰਬਰ: PB65J7589 ਜੋ ਅਜਿੰਦਰ ਸਿੰਘ ਪੁੱਤਰ ਲਾਭ ਸਿੰਘ ਦੇ ਨਾਮ ਹੈ, ਦੀ ਮਾਲਕੀ ਤਬਦੀਲ ਕਰਨ ਲਈ ਅਰਜ਼ੀ ਦਿੱਤੀ ਗਈ ਹੈ। ਇਤਰਾਜ਼ ਹੋਵੇ ਤਾਂ 15 ਦਿਨਾਂ ਅੰਦਰ ਸੰਪਰਕ ਕਰੇ।
ਇਸ਼ਤਿਹਾਰ ਅਤੇ ਕਲਾਸੀਫਾਈਡ ਕੇਵਲ ਅਦਾਰਾ 'ਪਹਿਰੇਦਾਰ' ਦੀ ਈ-ਮੇਲ rozanapehredaradvt@gmail.com 'ਤੇ ਹੀ ਭੇਜੋ ਜਾਣ।
